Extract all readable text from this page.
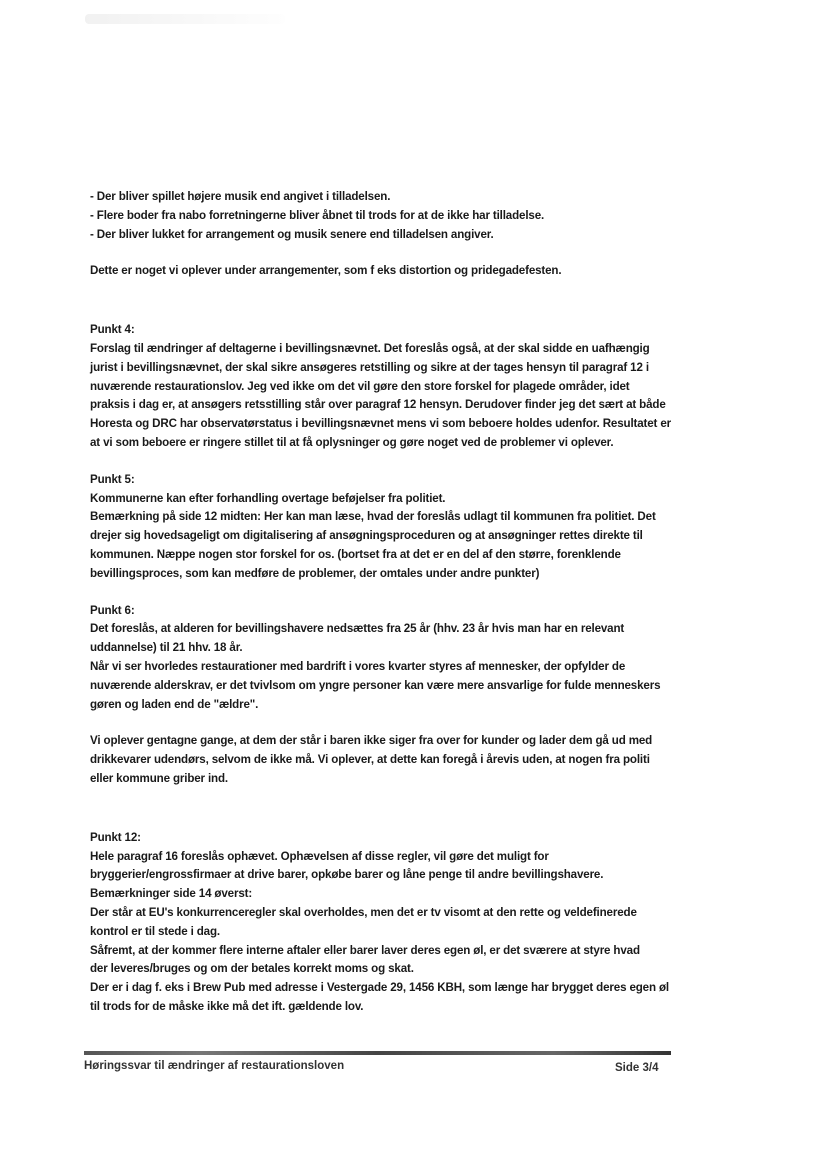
- Der bliver spillet højere musik end angivet i tilladelsen.

- Flere boder fra nabo forretningerne bliver åbnet til trods for at de ikke har tilladelse.

- Der bliver lukket for arrangement og musik senere end tilladelsen angiver.

Dette er noget vi oplever under arrangementer, som f eks distortion og pridegadefesten.

Punkt 4:

Forslag til ændringer af deltagerne i bevillingsnævnet. Det foreslås også, at der skal sidde en uafhængig

jurist i bevillingsnævnet, der skal sikre ansøgeres retstilling og sikre at der tages hensyn til paragraf 12 i

nuværende restaurationslov. Jeg ved ikke om det vil gøre den store forskel for plagede områder, idet

praksis i dag er, at ansøgers retsstilling står over paragraf 12 hensyn. Derudover finder jeg det sært at både

Horesta og DRC har observatørstatus i bevillingsnævnet mens vi som beboere holdes udenfor. Resultatet er

at vi som beboere er ringere stillet til at få oplysninger og gøre noget ved de problemer vi oplever.

Punkt 5:

Kommunerne kan efter forhandling overtage beføjelser fra politiet.

Bemærkning på side 12 midten: Her kan man læse, hvad der foreslås udlagt til kommunen fra politiet. Det

drejer sig hovedsageligt om digitalisering af ansøgningsproceduren og at ansøgninger rettes direkte til

kommunen. Næppe nogen stor forskel for os. (bortset fra at det er en del af den større, forenklende

bevillingsproces, som kan medføre de problemer, der omtales under andre punkter)

Punkt 6:

Det foreslås, at alderen for bevillingshavere nedsættes fra 25 år (hhv. 23 år hvis man har en relevant

uddannelse) til 21 hhv. 18 år.

Når vi ser hvorledes restaurationer med bardrift i vores kvarter styres af mennesker, der opfylder de

nuværende alderskrav, er det tvivlsom om yngre personer kan være mere ansvarlige for fulde menneskers

gøren og laden end de "ældre".

Vi oplever gentagne gange, at dem der står i baren ikke siger fra over for kunder og lader dem gå ud med

drikkevarer udendørs, selvom de ikke må. Vi oplever, at dette kan foregå i årevis uden, at nogen fra politi

eller kommune griber ind.

Punkt 12:

Hele paragraf 16 foreslås ophævet. Ophævelsen af disse regler, vil gøre det muligt for

bryggerier/engrossfirmaer at drive barer, opkøbe barer og låne penge til andre bevillingshavere.

Bemærkninger side 14 øverst:

Der står at EU's konkurrenceregler skal overholdes, men det er tv visomt at den rette og veldefinerede

kontrol er til stede i dag.

Såfremt, at der kommer flere interne aftaler eller barer laver deres egen øl, er det sværere at styre hvad

der leveres/bruges og om der betales korrekt moms og skat.

Der er i dag f. eks i Brew Pub med adresse i Vestergade 29, 1456 KBH, som længe har brygget deres egen øl

til trods for de måske ikke må det ift. gældende lov.

Høringssvar til ændringer af restaurationsloven	Side 3/4
